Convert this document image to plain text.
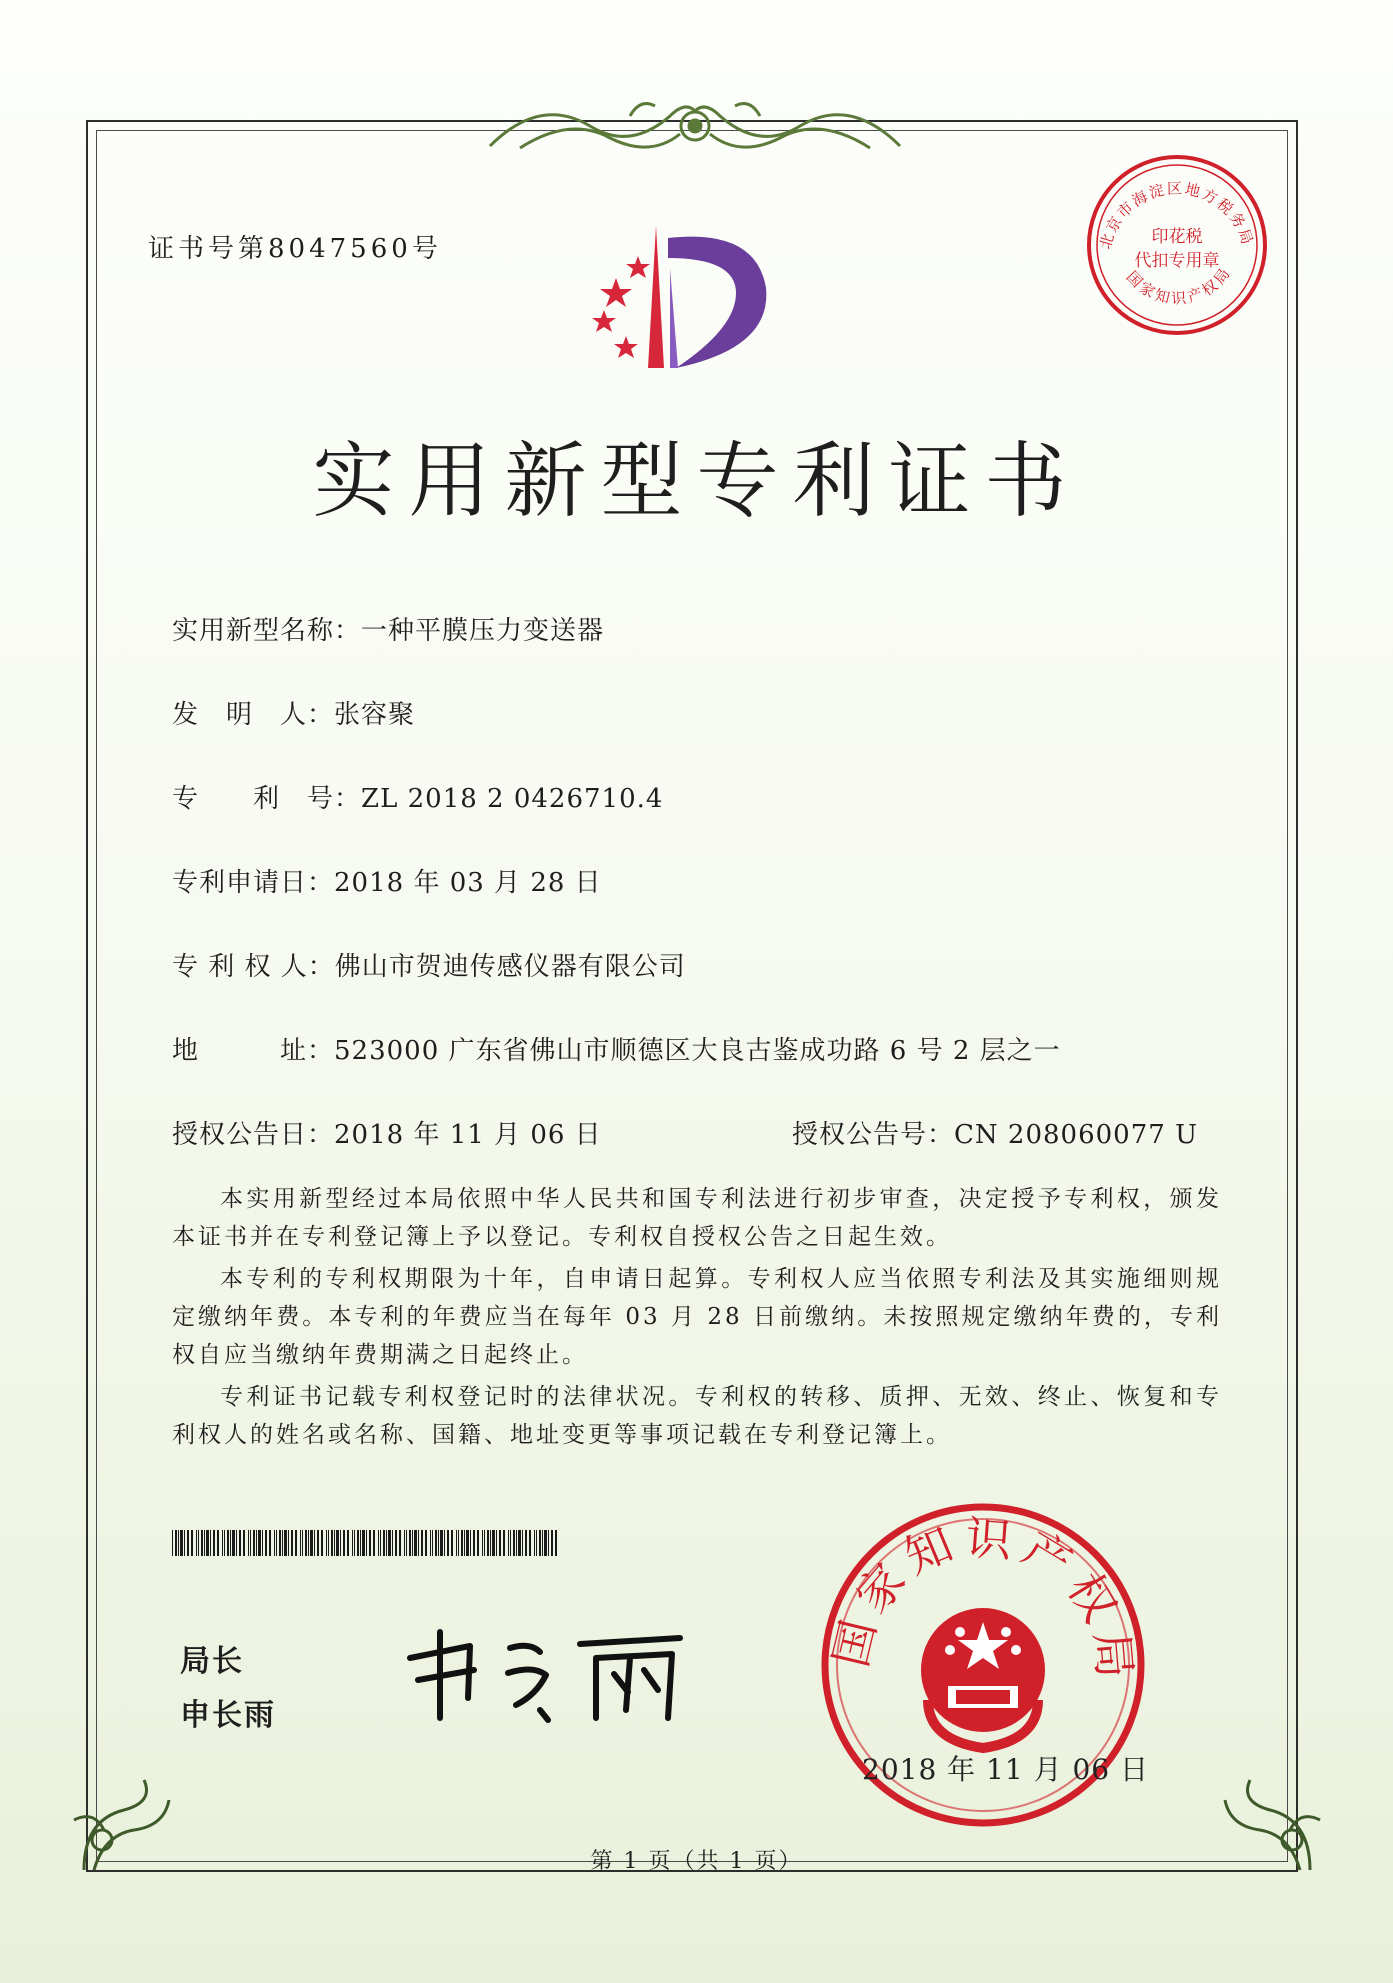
证书号第8047560号
实用新型专利证书
实用新型名称：一种平膜压力变送器
发　明　人：张容聚
专　　利　号：ZL 2018 2 0426710.4
专利申请日：2018 年 03 月 28 日
专 利 权 人：佛山市贺迪传感仪器有限公司
地　　　址：523000 广东省佛山市顺德区大良古鉴成功路 6 号 2 层之一
授权公告日：2018 年 11 月 06 日	授权公告号：CN 208060077 U

本实用新型经过本局依照中华人民共和国专利法进行初步审查，决定授予专利权，颁发本证书并在专利登记簿上予以登记。专利权自授权公告之日起生效。

本专利的专利权期限为十年，自申请日起算。专利权人应当依照专利法及其实施细则规定缴纳年费。本专利的年费应当在每年 03 月 28 日前缴纳。未按照规定缴纳年费的，专利权自应当缴纳年费期满之日起终止。

专利证书记载专利权登记时的法律状况。专利权的转移、质押、无效、终止、恢复和专利权人的姓名或名称、国籍、地址变更等事项记载在专利登记簿上。

局长
申长雨
国家知识产权局
2018 年 11 月 06 日
北京市海淀区地方税务局
印花税
代扣专用章
国家知识产权局
第 1 页（共 1 页）
